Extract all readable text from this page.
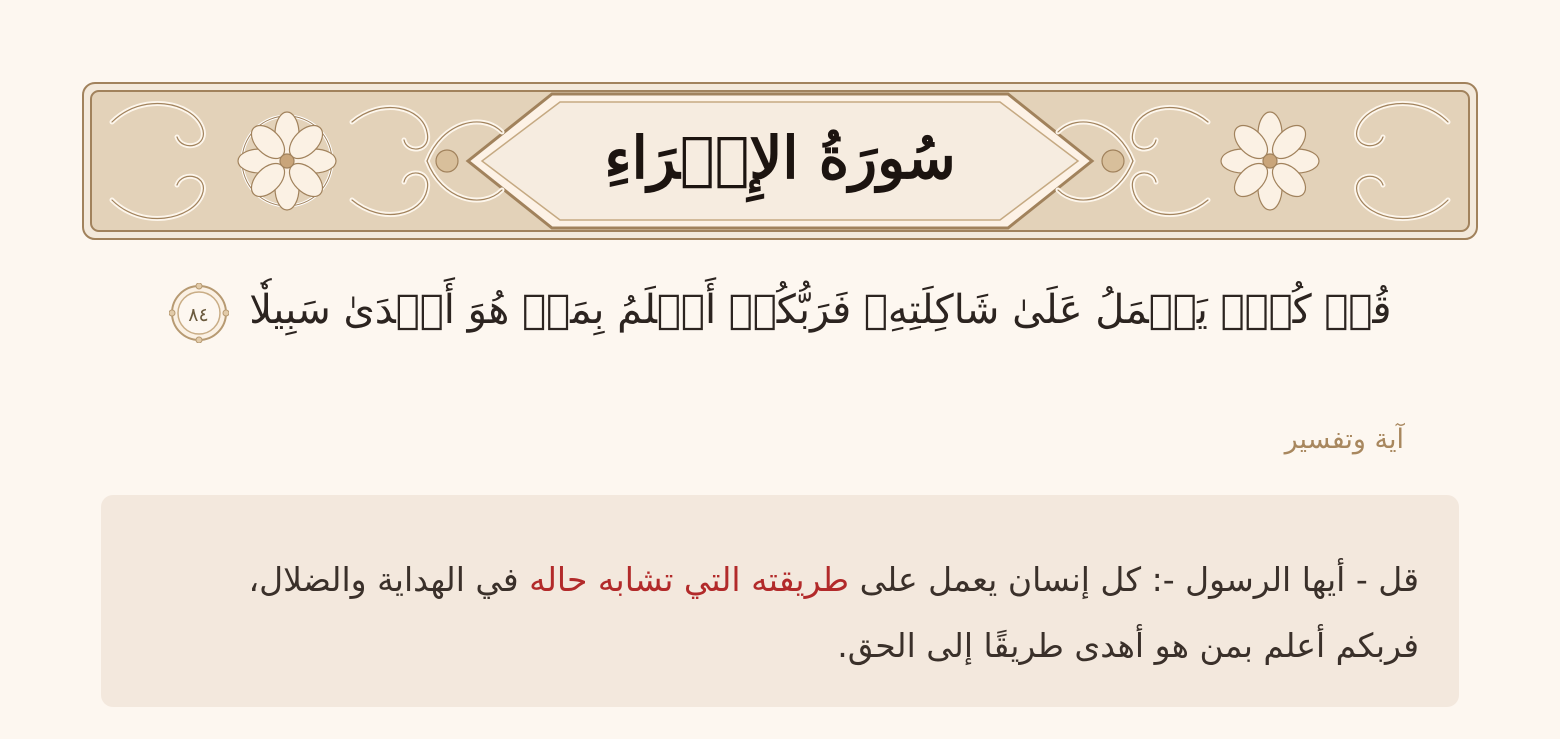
سُورَةُ الإِسۡرَاءِ
قُلۡ كُلّٞ يَعۡمَلُ عَلَىٰ شَاكِلَتِهِۦ فَرَبُّكُمۡ أَعۡلَمُ بِمَنۡ هُوَ أَهۡدَىٰ سَبِيلٗا
٨٤
آية وتفسير
قل - أيها الرسول -: كل إنسان يعمل على طريقته التي تشابه حاله في الهداية والضلال، فربكم أعلم بمن هو أهدى طريقًا إلى الحق.
